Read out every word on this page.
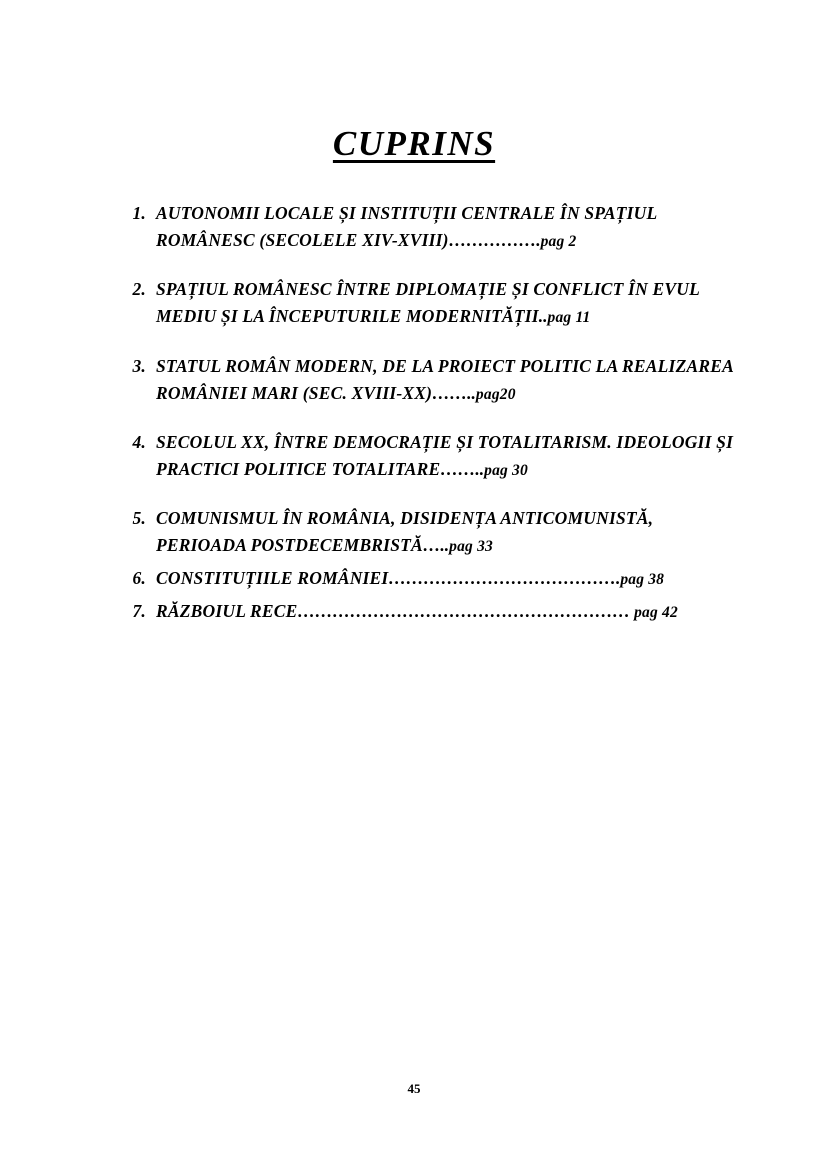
CUPRINS
1. AUTONOMII LOCALE ȘI INSTITUȚII CENTRALE ÎN SPAȚIUL ROMÂNESC (SECOLELE XIV-XVIII)…………….pag 2
2. SPAȚIUL ROMÂNESC ÎNTRE DIPLOMAȚIE ȘI CONFLICT ÎN EVUL MEDIU ȘI LA ÎNCEPUTURILE MODERNITĂȚII..pag 11
3. STATUL ROMÂN MODERN, DE LA PROIECT POLITIC LA REALIZAREA ROMÂNIEI MARI (SEC. XVIII-XX)……..pag20
4. SECOLUL XX, ÎNTRE DEMOCRAȚIE ȘI TOTALITARISM. IDEOLOGII ȘI PRACTICI POLITICE TOTALITARE……..pag 30
5. COMUNISMUL ÎN ROMÂNIA, DISIDENȚA ANTICOMUNISTĂ, PERIOADA POSTDECEMBRISTĂ…..pag 33
6. CONSTITUȚIILE ROMÂNIEI………………………………….pag 38
7. RĂZBOIUL RECE………………………………………………… pag 42
45
